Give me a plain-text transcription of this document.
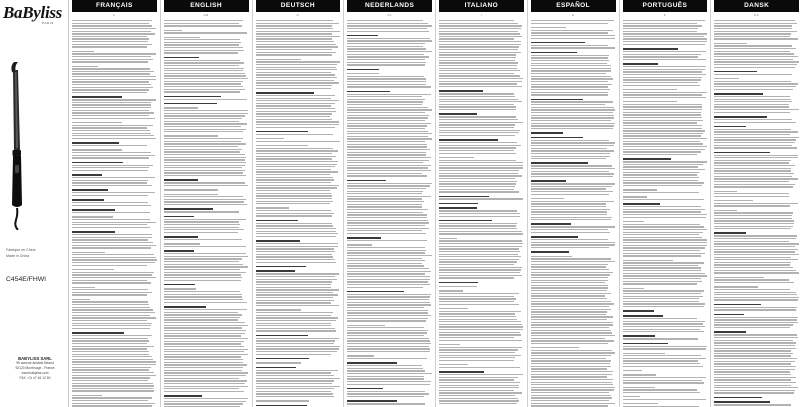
BaByliss
PARIS
Fabriqué en Chine
Made in China
C454E/FHWI
BABYLISS SARL
99 avenue Aristide Briand
92120 Montrouge - France
www.babyliss.com
FAX : 01 47 46 12 50
FRANÇAIS
F
ENGLISH
GB
DEUTSCH
D
NEDERLANDS
NL
ITALIANO
I
ESPAÑOL
E
PORTUGUÊS
P
DANSK
DK
